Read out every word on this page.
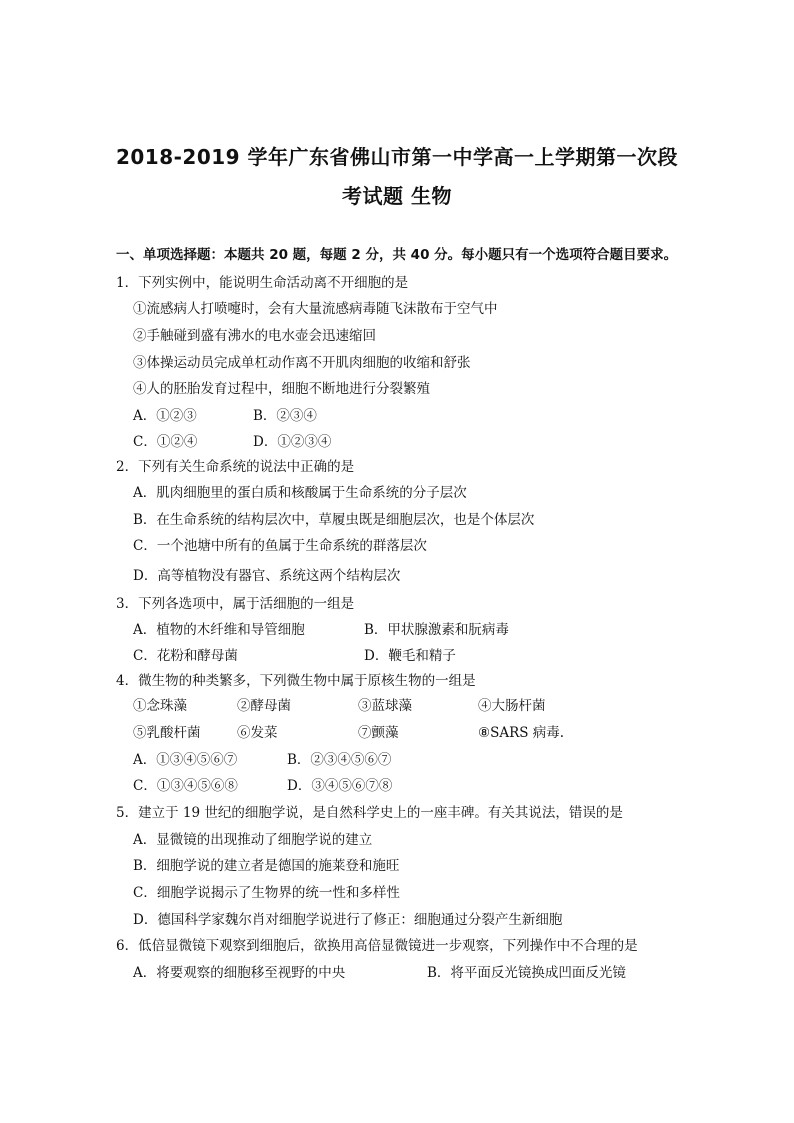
2018-2019 学年广东省佛山市第一中学高一上学期第一次段
考试题 生物
一、单项选择题：本题共 20 题，每题 2 分，共 40 分。每小题只有一个选项符合题目要求。
1．下列实例中，能说明生命活动离不开细胞的是
①流感病人打喷嚏时，会有大量流感病毒随飞沫散布于空气中
②手触碰到盛有沸水的电水壶会迅速缩回
③体操运动员完成单杠动作离不开肌肉细胞的收缩和舒张
④人的胚胎发育过程中，细胞不断地进行分裂繁殖
A．①②③	B．②③④
C．①②④	D．①②③④
2．下列有关生命系统的说法中正确的是
A．肌肉细胞里的蛋白质和核酸属于生命系统的分子层次
B．在生命系统的结构层次中，草履虫既是细胞层次，也是个体层次
C．一个池塘中所有的鱼属于生命系统的群落层次
D．高等植物没有器官、系统这两个结构层次
3．下列各选项中，属于活细胞的一组是
A．植物的木纤维和导管细胞	B．甲状腺激素和朊病毒
C．花粉和酵母菌	D．鞭毛和精子
4．微生物的种类繁多，下列微生物中属于原核生物的一组是
①念珠藻	②酵母菌	③蓝球藻	④大肠杆菌
⑤乳酸杆菌	⑥发菜	⑦颤藻	⑧SARS 病毒.
A．①③④⑤⑥⑦	B．②③④⑤⑥⑦
C．①③④⑤⑥⑧	D．③④⑤⑥⑦⑧
5．建立于 19 世纪的细胞学说，是自然科学史上的一座丰碑。有关其说法，错误的是
A．显微镜的出现推动了细胞学说的建立
B．细胞学说的建立者是德国的施莱登和施旺
C．细胞学说揭示了生物界的统一性和多样性
D．德国科学家魏尔肖对细胞学说进行了修正：细胞通过分裂产生新细胞
6．低倍显微镜下观察到细胞后，欲换用高倍显微镜进一步观察，下列操作中不合理的是
A．将要观察的细胞移至视野的中央	B．将平面反光镜换成凹面反光镜
